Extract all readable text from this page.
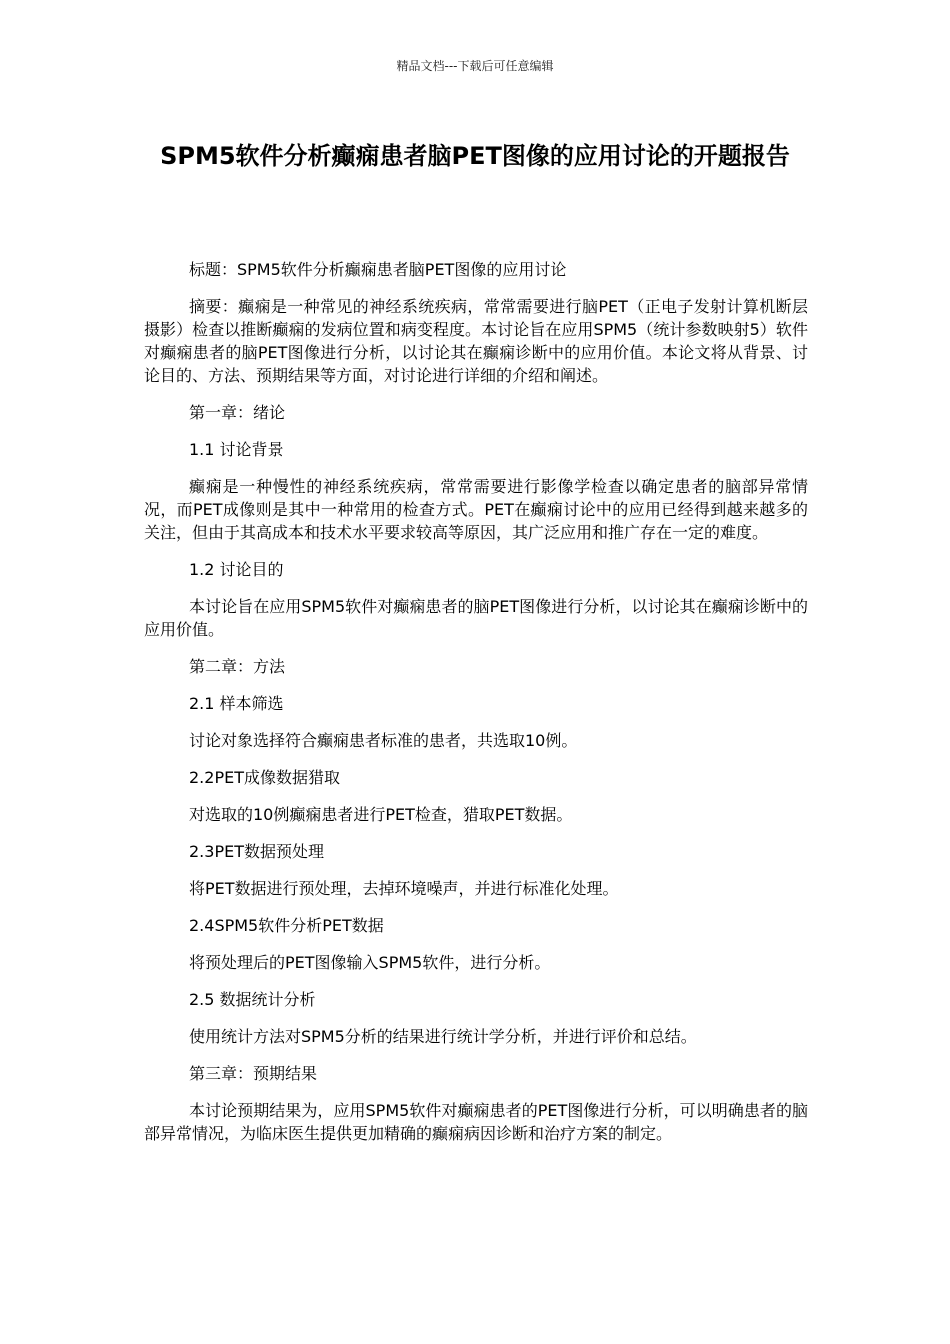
精品文档---下载后可任意编辑
SPM5软件分析癫痫患者脑PET图像的应用讨论的开题报告

标题：SPM5软件分析癫痫患者脑PET图像的应用讨论

摘要：癫痫是一种常见的神经系统疾病，常常需要进行脑PET（正电子发射计算机断层摄影）检查以推断癫痫的发病位置和病变程度。本讨论旨在应用SPM5（统计参数映射5）软件对癫痫患者的脑PET图像进行分析，以讨论其在癫痫诊断中的应用价值。本论文将从背景、讨论目的、方法、预期结果等方面，对讨论进行详细的介绍和阐述。

第一章：绪论

1.1 讨论背景

癫痫是一种慢性的神经系统疾病，常常需要进行影像学检查以确定患者的脑部异常情况，而PET成像则是其中一种常用的检查方式。PET在癫痫讨论中的应用已经得到越来越多的关注，但由于其高成本和技术水平要求较高等原因，其广泛应用和推广存在一定的难度。

1.2 讨论目的

本讨论旨在应用SPM5软件对癫痫患者的脑PET图像进行分析，以讨论其在癫痫诊断中的应用价值。

第二章：方法

2.1 样本筛选

讨论对象选择符合癫痫患者标准的患者，共选取10例。

2.2PET成像数据猎取

对选取的10例癫痫患者进行PET检查，猎取PET数据。

2.3PET数据预处理

将PET数据进行预处理，去掉环境噪声，并进行标准化处理。

2.4SPM5软件分析PET数据

将预处理后的PET图像输入SPM5软件，进行分析。

2.5 数据统计分析

使用统计方法对SPM5分析的结果进行统计学分析，并进行评价和总结。

第三章：预期结果

本讨论预期结果为，应用SPM5软件对癫痫患者的PET图像进行分析，可以明确患者的脑部异常情况，为临床医生提供更加精确的癫痫病因诊断和治疗方案的制定。
